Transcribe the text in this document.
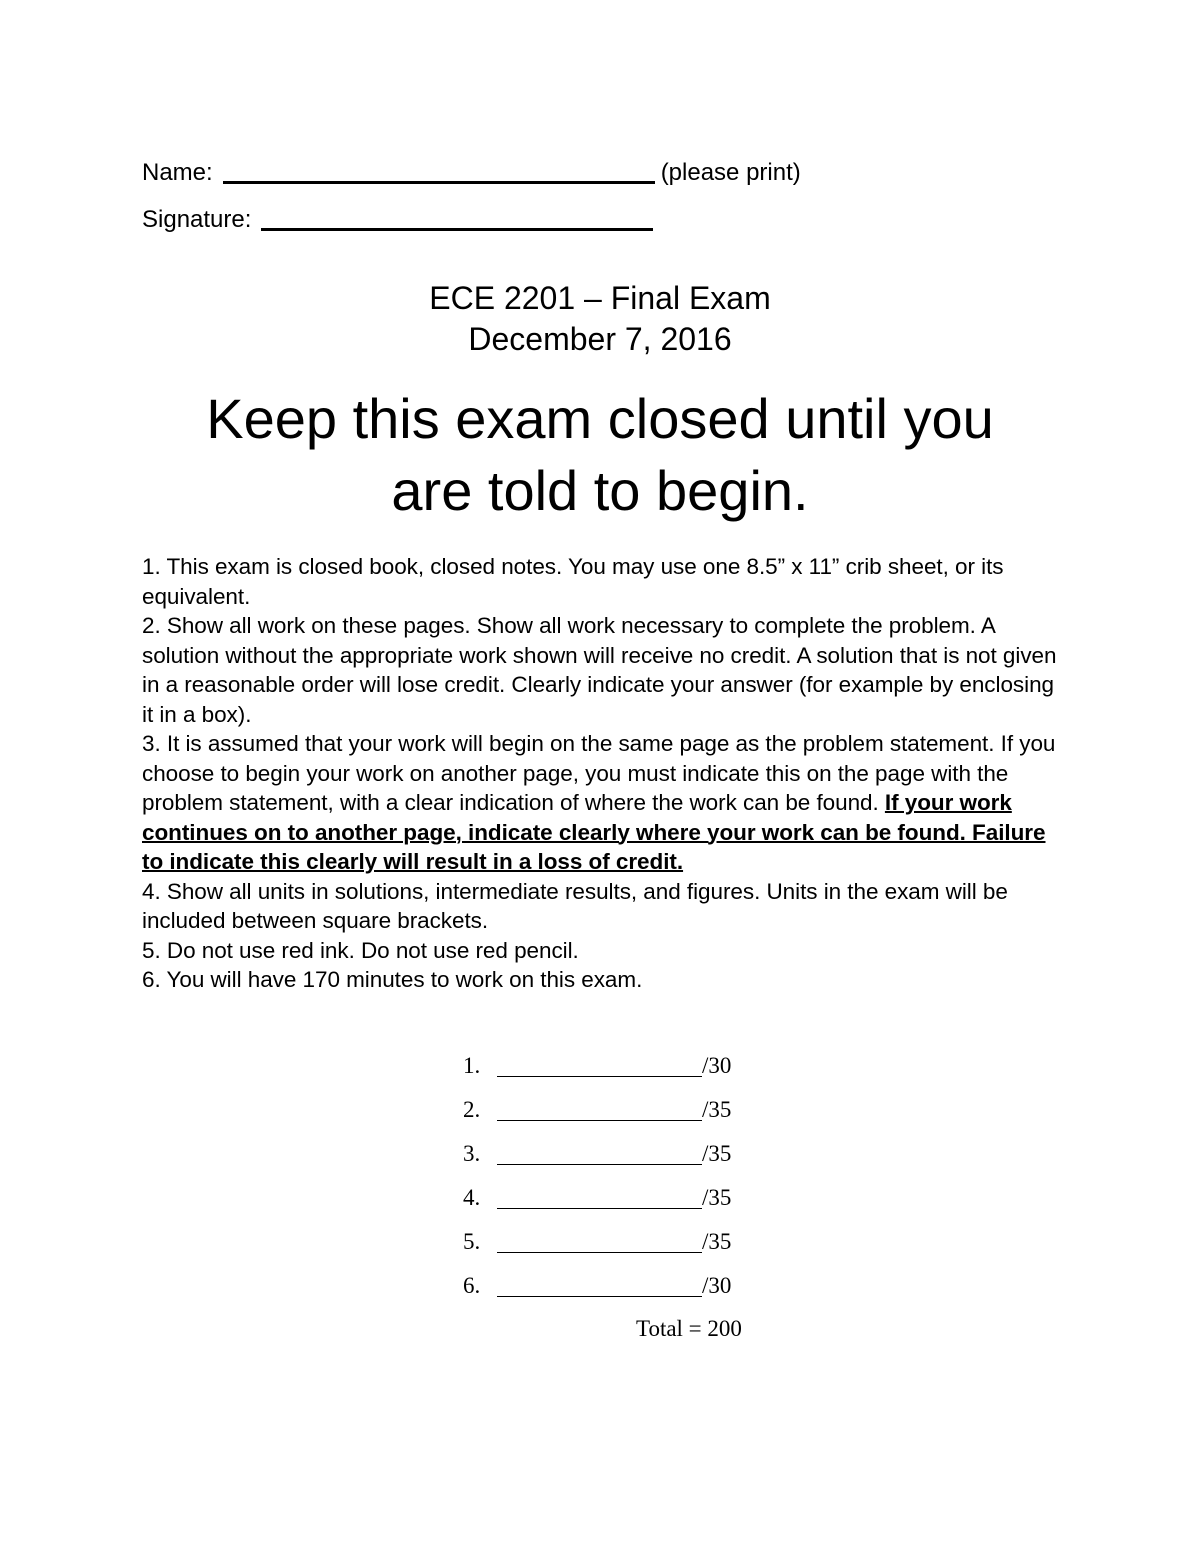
Name:	(please print)
Signature:
ECE 2201 – Final Exam
December 7, 2016
Keep this exam closed until you
are told to begin.
1. This exam is closed book, closed notes. You may use one 8.5” x 11” crib sheet, or its equivalent.
2. Show all work on these pages. Show all work necessary to complete the problem. A solution without the appropriate work shown will receive no credit. A solution that is not given in a reasonable order will lose credit. Clearly indicate your answer (for example by enclosing it in a box).
3. It is assumed that your work will begin on the same page as the problem statement. If you choose to begin your work on another page, you must indicate this on the page with the problem statement, with a clear indication of where the work can be found. If your work continues on to another page, indicate clearly where your work can be found. Failure to indicate this clearly will result in a loss of credit.
4. Show all units in solutions, intermediate results, and figures. Units in the exam will be included between square brackets.
5. Do not use red ink. Do not use red pencil.
6. You will have 170 minutes to work on this exam.
1.	/30
2.	/35
3.	/35
4.	/35
5.	/35
6.	/30
Total = 200
